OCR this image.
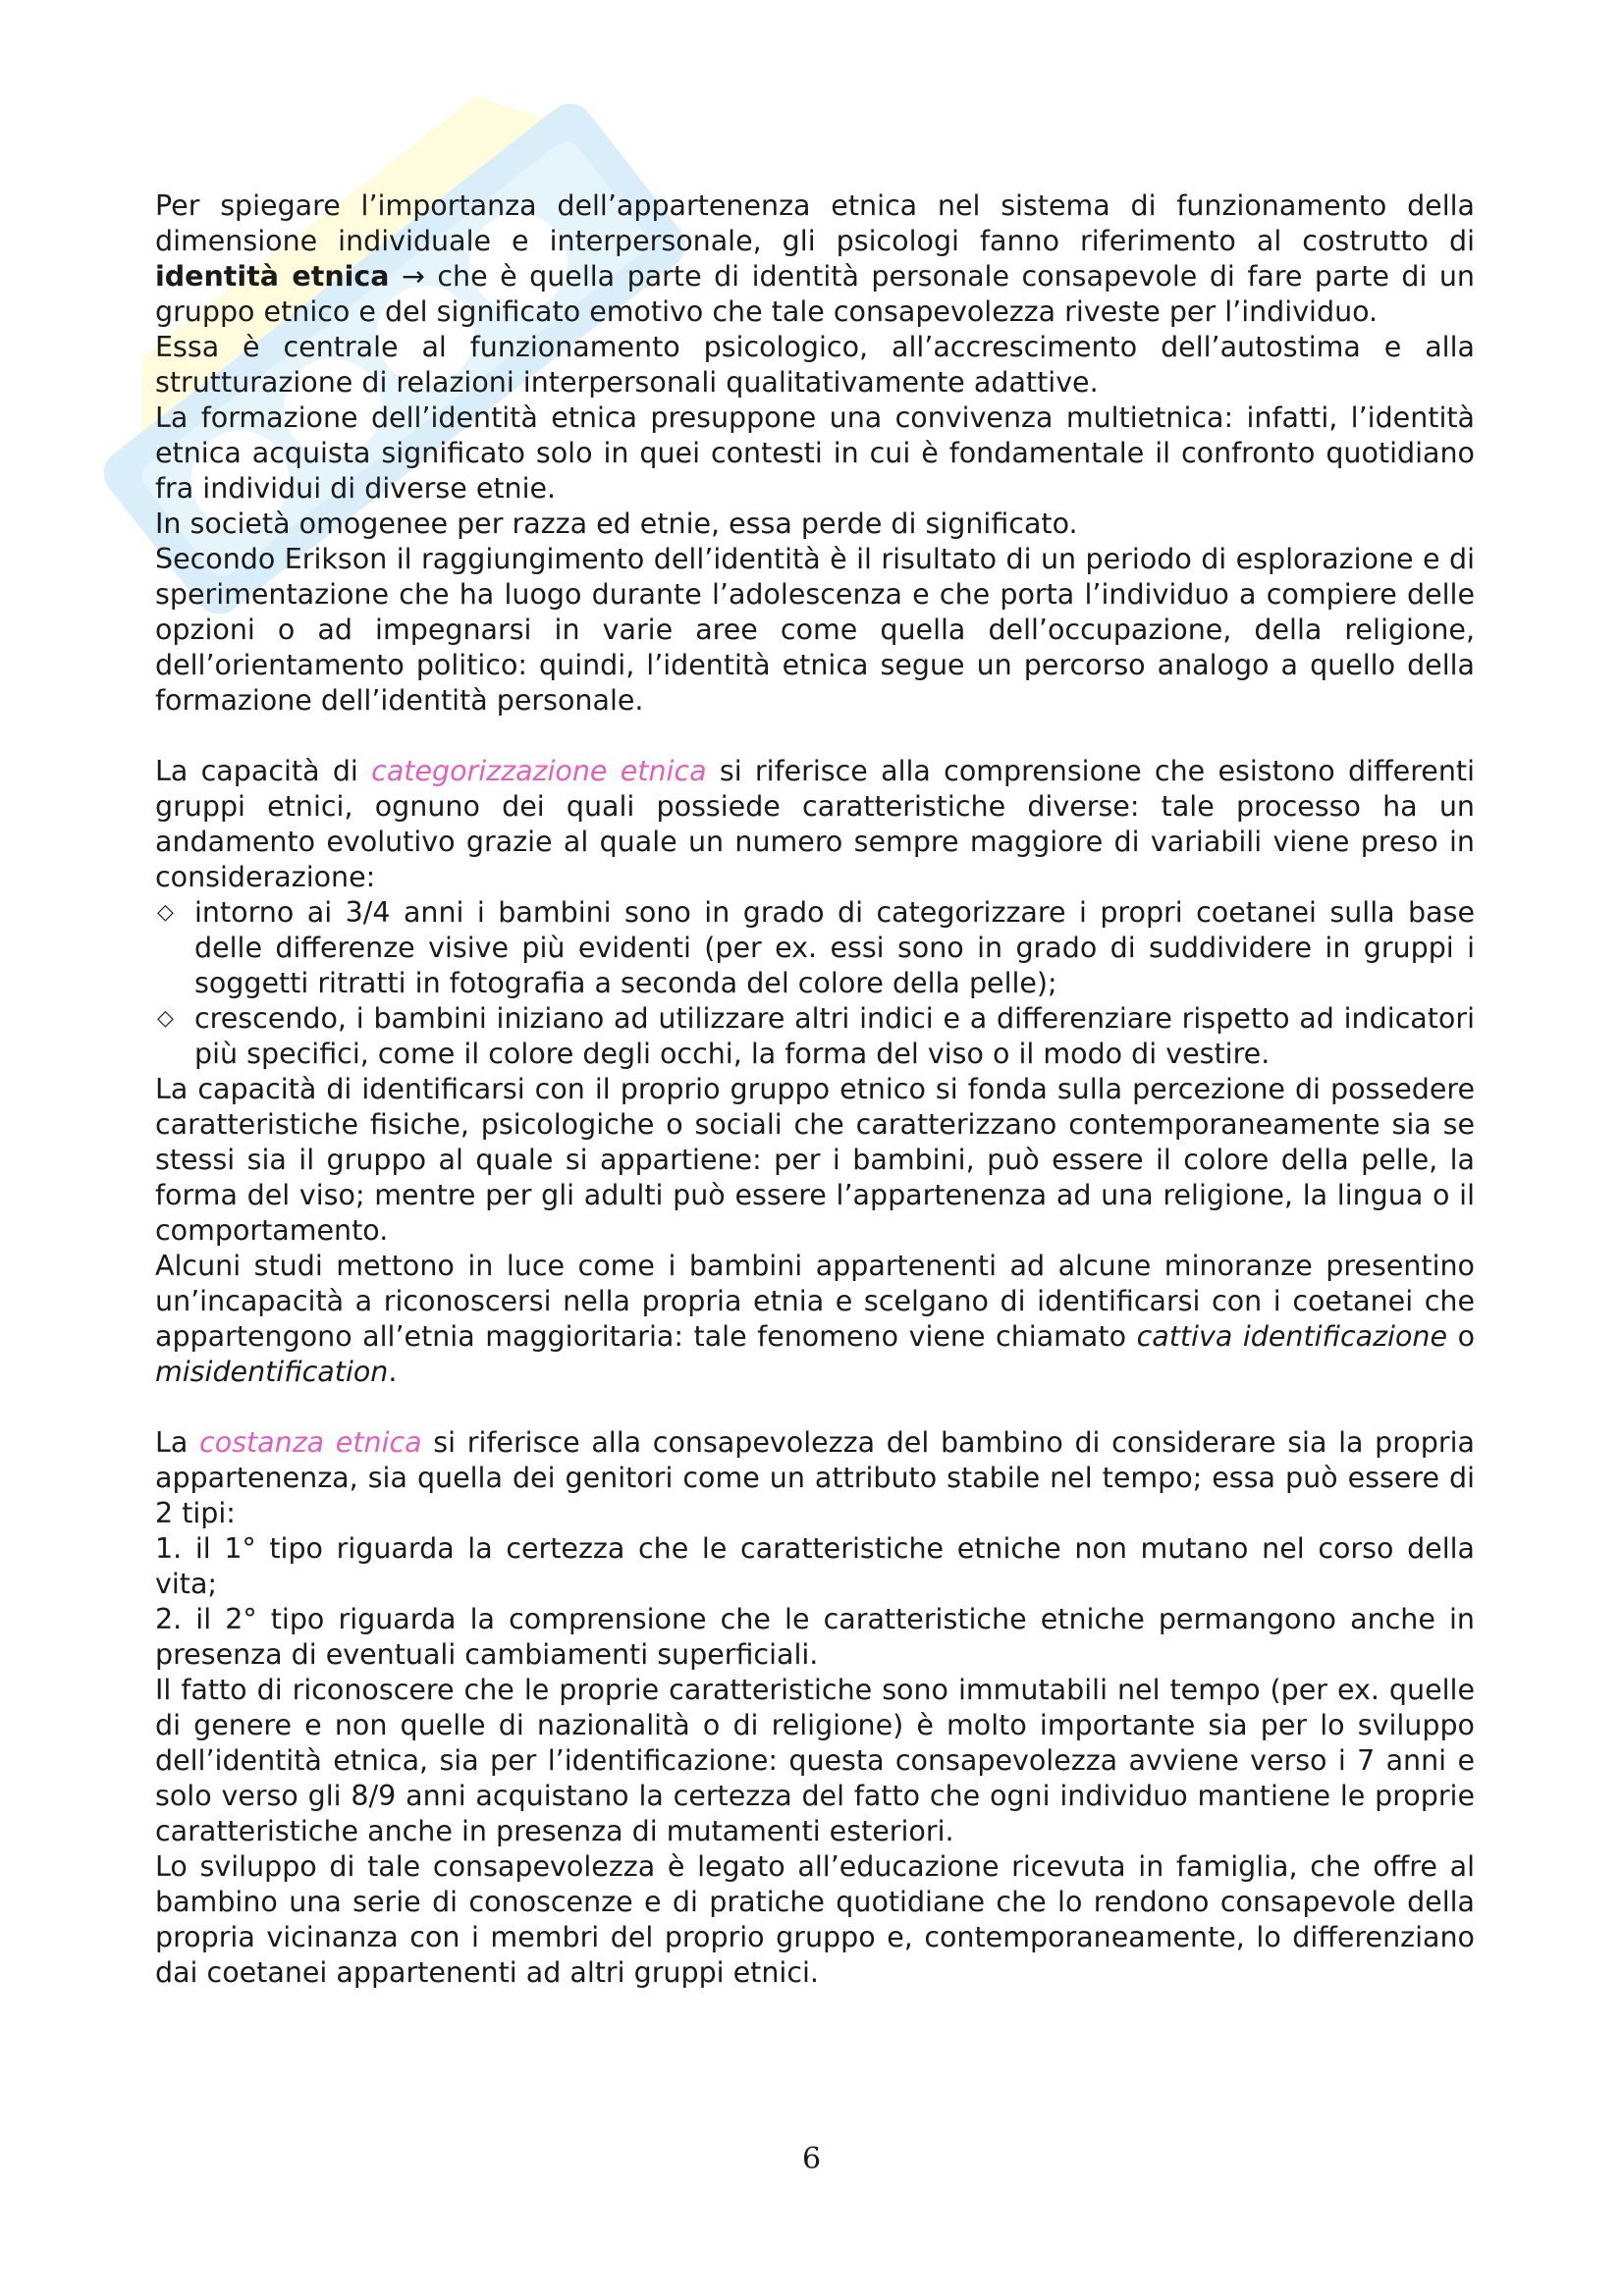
Per spiegare l’importanza dell’appartenenza etnica nel sistema di funzionamento della dimensione individuale e interpersonale, gli psicologi fanno riferimento al costrutto di identità etnica → che è quella parte di identità personale consapevole di fare parte di un gruppo etnico e del significato emotivo che tale consapevolezza riveste per l’individuo.

Essa è centrale al funzionamento psicologico, all’accrescimento dell’autostima e alla strutturazione di relazioni interpersonali qualitativamente adattive.

La formazione dell’identità etnica presuppone una convivenza multietnica: infatti, l’identità etnica acquista significato solo in quei contesti in cui è fondamentale il confronto quotidiano fra individui di diverse etnie.

In società omogenee per razza ed etnie, essa perde di significato.

Secondo Erikson il raggiungimento dell’identità è il risultato di un periodo di esplorazione e di sperimentazione che ha luogo durante l’adolescenza e che porta l’individuo a compiere delle opzioni o ad impegnarsi in varie aree come quella dell’occupazione, della religione, dell’orientamento politico: quindi, l’identità etnica segue un percorso analogo a quello della formazione dell’identità personale.

La capacità di categorizzazione etnica si riferisce alla comprensione che esistono differenti gruppi etnici, ognuno dei quali possiede caratteristiche diverse: tale processo ha un andamento evolutivo grazie al quale un numero sempre maggiore di variabili viene preso in considerazione:

◇ intorno ai 3/4 anni i bambini sono in grado di categorizzare i propri coetanei sulla base delle differenze visive più evidenti (per ex. essi sono in grado di suddividere in gruppi i soggetti ritratti in fotografia a seconda del colore della pelle);
◇ crescendo, i bambini iniziano ad utilizzare altri indici e a differenziare rispetto ad indicatori più specifici, come il colore degli occhi, la forma del viso o il modo di vestire.

La capacità di identificarsi con il proprio gruppo etnico si fonda sulla percezione di possedere caratteristiche fisiche, psicologiche o sociali che caratterizzano contemporaneamente sia se stessi sia il gruppo al quale si appartiene: per i bambini, può essere il colore della pelle, la forma del viso; mentre per gli adulti può essere l’appartenenza ad una religione, la lingua o il comportamento.

Alcuni studi mettono in luce come i bambini appartenenti ad alcune minoranze presentino un’incapacità a riconoscersi nella propria etnia e scelgano di identificarsi con i coetanei che appartengono all’etnia maggioritaria: tale fenomeno viene chiamato cattiva identificazione o misidentification.

La costanza etnica si riferisce alla consapevolezza del bambino di considerare sia la propria appartenenza, sia quella dei genitori come un attributo stabile nel tempo; essa può essere di 2 tipi:

1. il 1° tipo riguarda la certezza che le caratteristiche etniche non mutano nel corso della vita;

2. il 2° tipo riguarda la comprensione che le caratteristiche etniche permangono anche in presenza di eventuali cambiamenti superficiali.

Il fatto di riconoscere che le proprie caratteristiche sono immutabili nel tempo (per ex. quelle di genere e non quelle di nazionalità o di religione) è molto importante sia per lo sviluppo dell’identità etnica, sia per l’identificazione: questa consapevolezza avviene verso i 7 anni e solo verso gli 8/9 anni acquistano la certezza del fatto che ogni individuo mantiene le proprie caratteristiche anche in presenza di mutamenti esteriori.

Lo sviluppo di tale consapevolezza è legato all’educazione ricevuta in famiglia, che offre al bambino una serie di conoscenze e di pratiche quotidiane che lo rendono consapevole della propria vicinanza con i membri del proprio gruppo e, contemporaneamente, lo differenziano dai coetanei appartenenti ad altri gruppi etnici.

6
